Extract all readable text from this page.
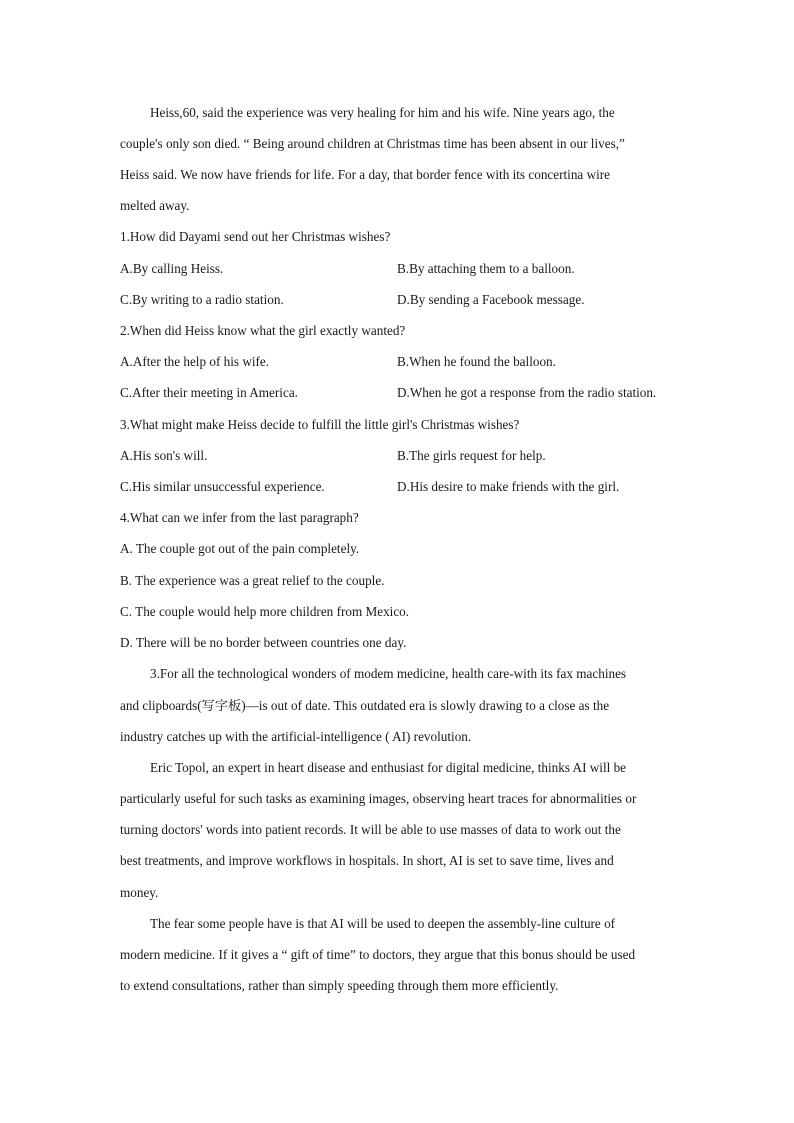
Heiss,60, said the experience was very healing for him and his wife. Nine years ago, the
couple's only son died. “ Being around children at Christmas time has been absent in our lives,”
Heiss said. We now have friends for life. For a day, that border fence with its concertina wire
melted away.
1.How did Dayami send out her Christmas wishes?
A.By calling Heiss.	B.By attaching them to a balloon.
C.By writing to a radio station.	D.By sending a Facebook message.
2.When did Heiss know what the girl exactly wanted?
A.After the help of his wife.	B.When he found the balloon.
C.After their meeting in America.	D.When he got a response from the radio station.
3.What might make Heiss decide to fulfill the little girl's Christmas wishes?
A.His son's will.	B.The girls request for help.
C.His similar unsuccessful experience.	D.His desire to make friends with the girl.
4.What can we infer from the last paragraph?
A. The couple got out of the pain completely.
B. The experience was a great relief to the couple.
C. The couple would help more children from Mexico.
D. There will be no border between countries one day.
3.For all the technological wonders of modem medicine, health care-with its fax machines
and clipboards(写字板)—is out of date. This outdated era is slowly drawing to a close as the
industry catches up with the artificial-intelligence ( AI) revolution.
Eric Topol, an expert in heart disease and enthusiast for digital medicine, thinks AI will be
particularly useful for such tasks as examining images, observing heart traces for abnormalities or
turning doctors' words into patient records. It will be able to use masses of data to work out the
best treatments, and improve workflows in hospitals. In short, AI is set to save time, lives and
money.
The fear some people have is that AI will be used to deepen the assembly-line culture of
modern medicine. If it gives a “ gift of time” to doctors, they argue that this bonus should be used
to extend consultations, rather than simply speeding through them more efficiently.
